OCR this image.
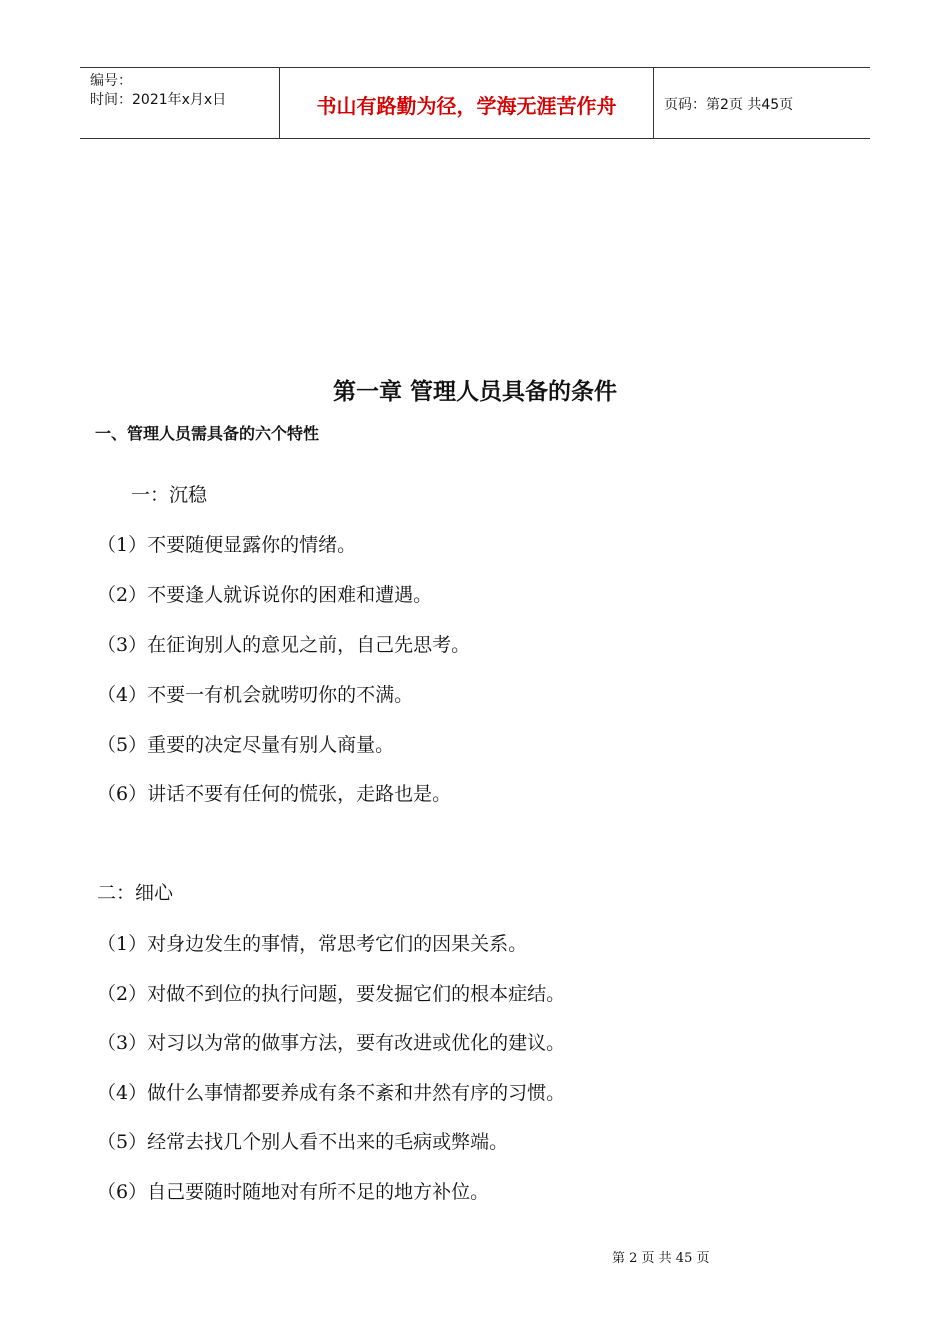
编号：
时间：2021年x月x日	书山有路勤为径，学海无涯苦作舟	页码：第2页 共45页
第一章 管理人员具备的条件
一、管理人员需具备的六个特性
一：沉稳
（1）不要随便显露你的情绪。
（2）不要逢人就诉说你的困难和遭遇。
（3）在征询别人的意见之前，自己先思考。
（4）不要一有机会就唠叨你的不满。
（5）重要的决定尽量有别人商量。
（6）讲话不要有任何的慌张，走路也是。
二：细心
（1）对身边发生的事情，常思考它们的因果关系。
（2）对做不到位的执行问题，要发掘它们的根本症结。
（3）对习以为常的做事方法，要有改进或优化的建议。
（4）做什么事情都要养成有条不紊和井然有序的习惯。
（5）经常去找几个别人看不出来的毛病或弊端。
（6）自己要随时随地对有所不足的地方补位。
第 2 页 共 45 页
